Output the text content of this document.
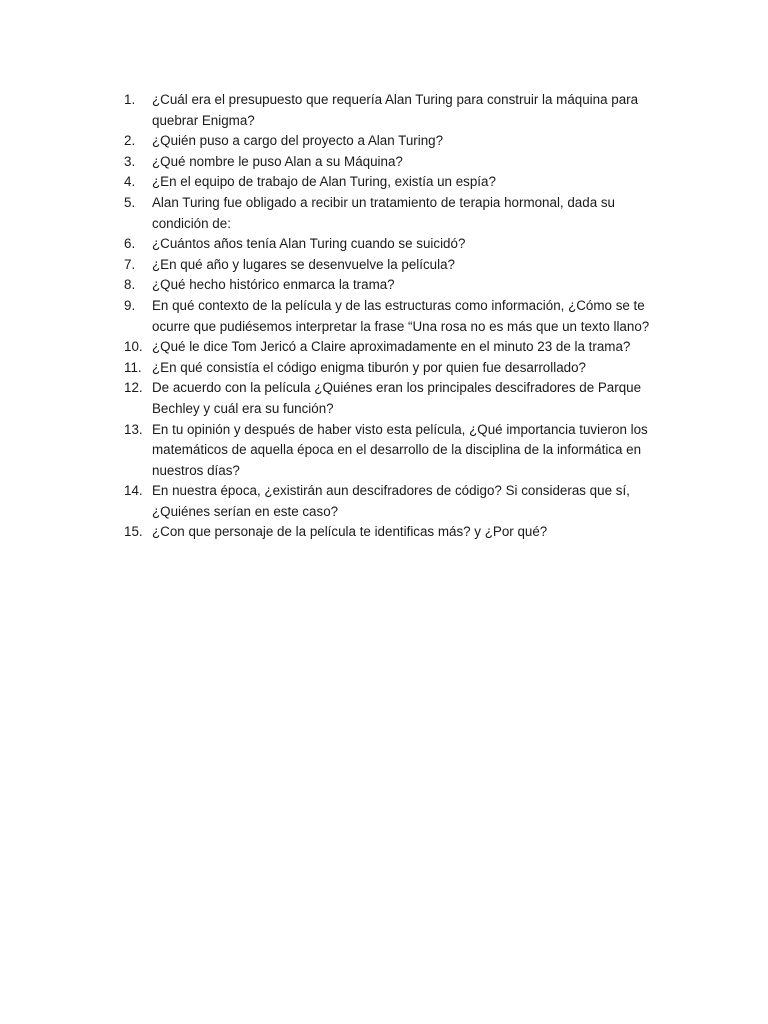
1.	¿Cuál era el presupuesto que requería Alan Turing para construir la máquina para quebrar Enigma?
2.	¿Quién puso a cargo del proyecto a Alan Turing?
3.	¿Qué nombre le puso Alan a su Máquina?
4.	¿En el equipo de trabajo de Alan Turing, existía un espía?
5.	Alan Turing fue obligado a recibir un tratamiento de terapia hormonal, dada su condición de:
6.	¿Cuántos años tenía Alan Turing cuando se suicidó?
7.	¿En qué año y lugares se desenvuelve la película?
8.	¿Qué hecho histórico enmarca la trama?
9.	En qué contexto de la película y de las estructuras como información, ¿Cómo se te ocurre que pudiésemos interpretar la frase “Una rosa no es más que un texto llano?
10. ¿Qué le dice Tom Jericó a Claire aproximadamente en el minuto 23 de la trama?
11. ¿En qué consistía el código enigma tiburón y por quien fue desarrollado?
12. De acuerdo con la película ¿Quiénes eran los principales descifradores de Parque Bechley y cuál era su función?
13. En tu opinión y después de haber visto esta película, ¿Qué importancia tuvieron los matemáticos de aquella época en el desarrollo de la disciplina de la informática en nuestros días?
14. En nuestra época, ¿existirán aun descifradores de código? Si consideras que sí, ¿Quiénes serían en este caso?
15. ¿Con que personaje de la película te identificas más? y ¿Por qué?
